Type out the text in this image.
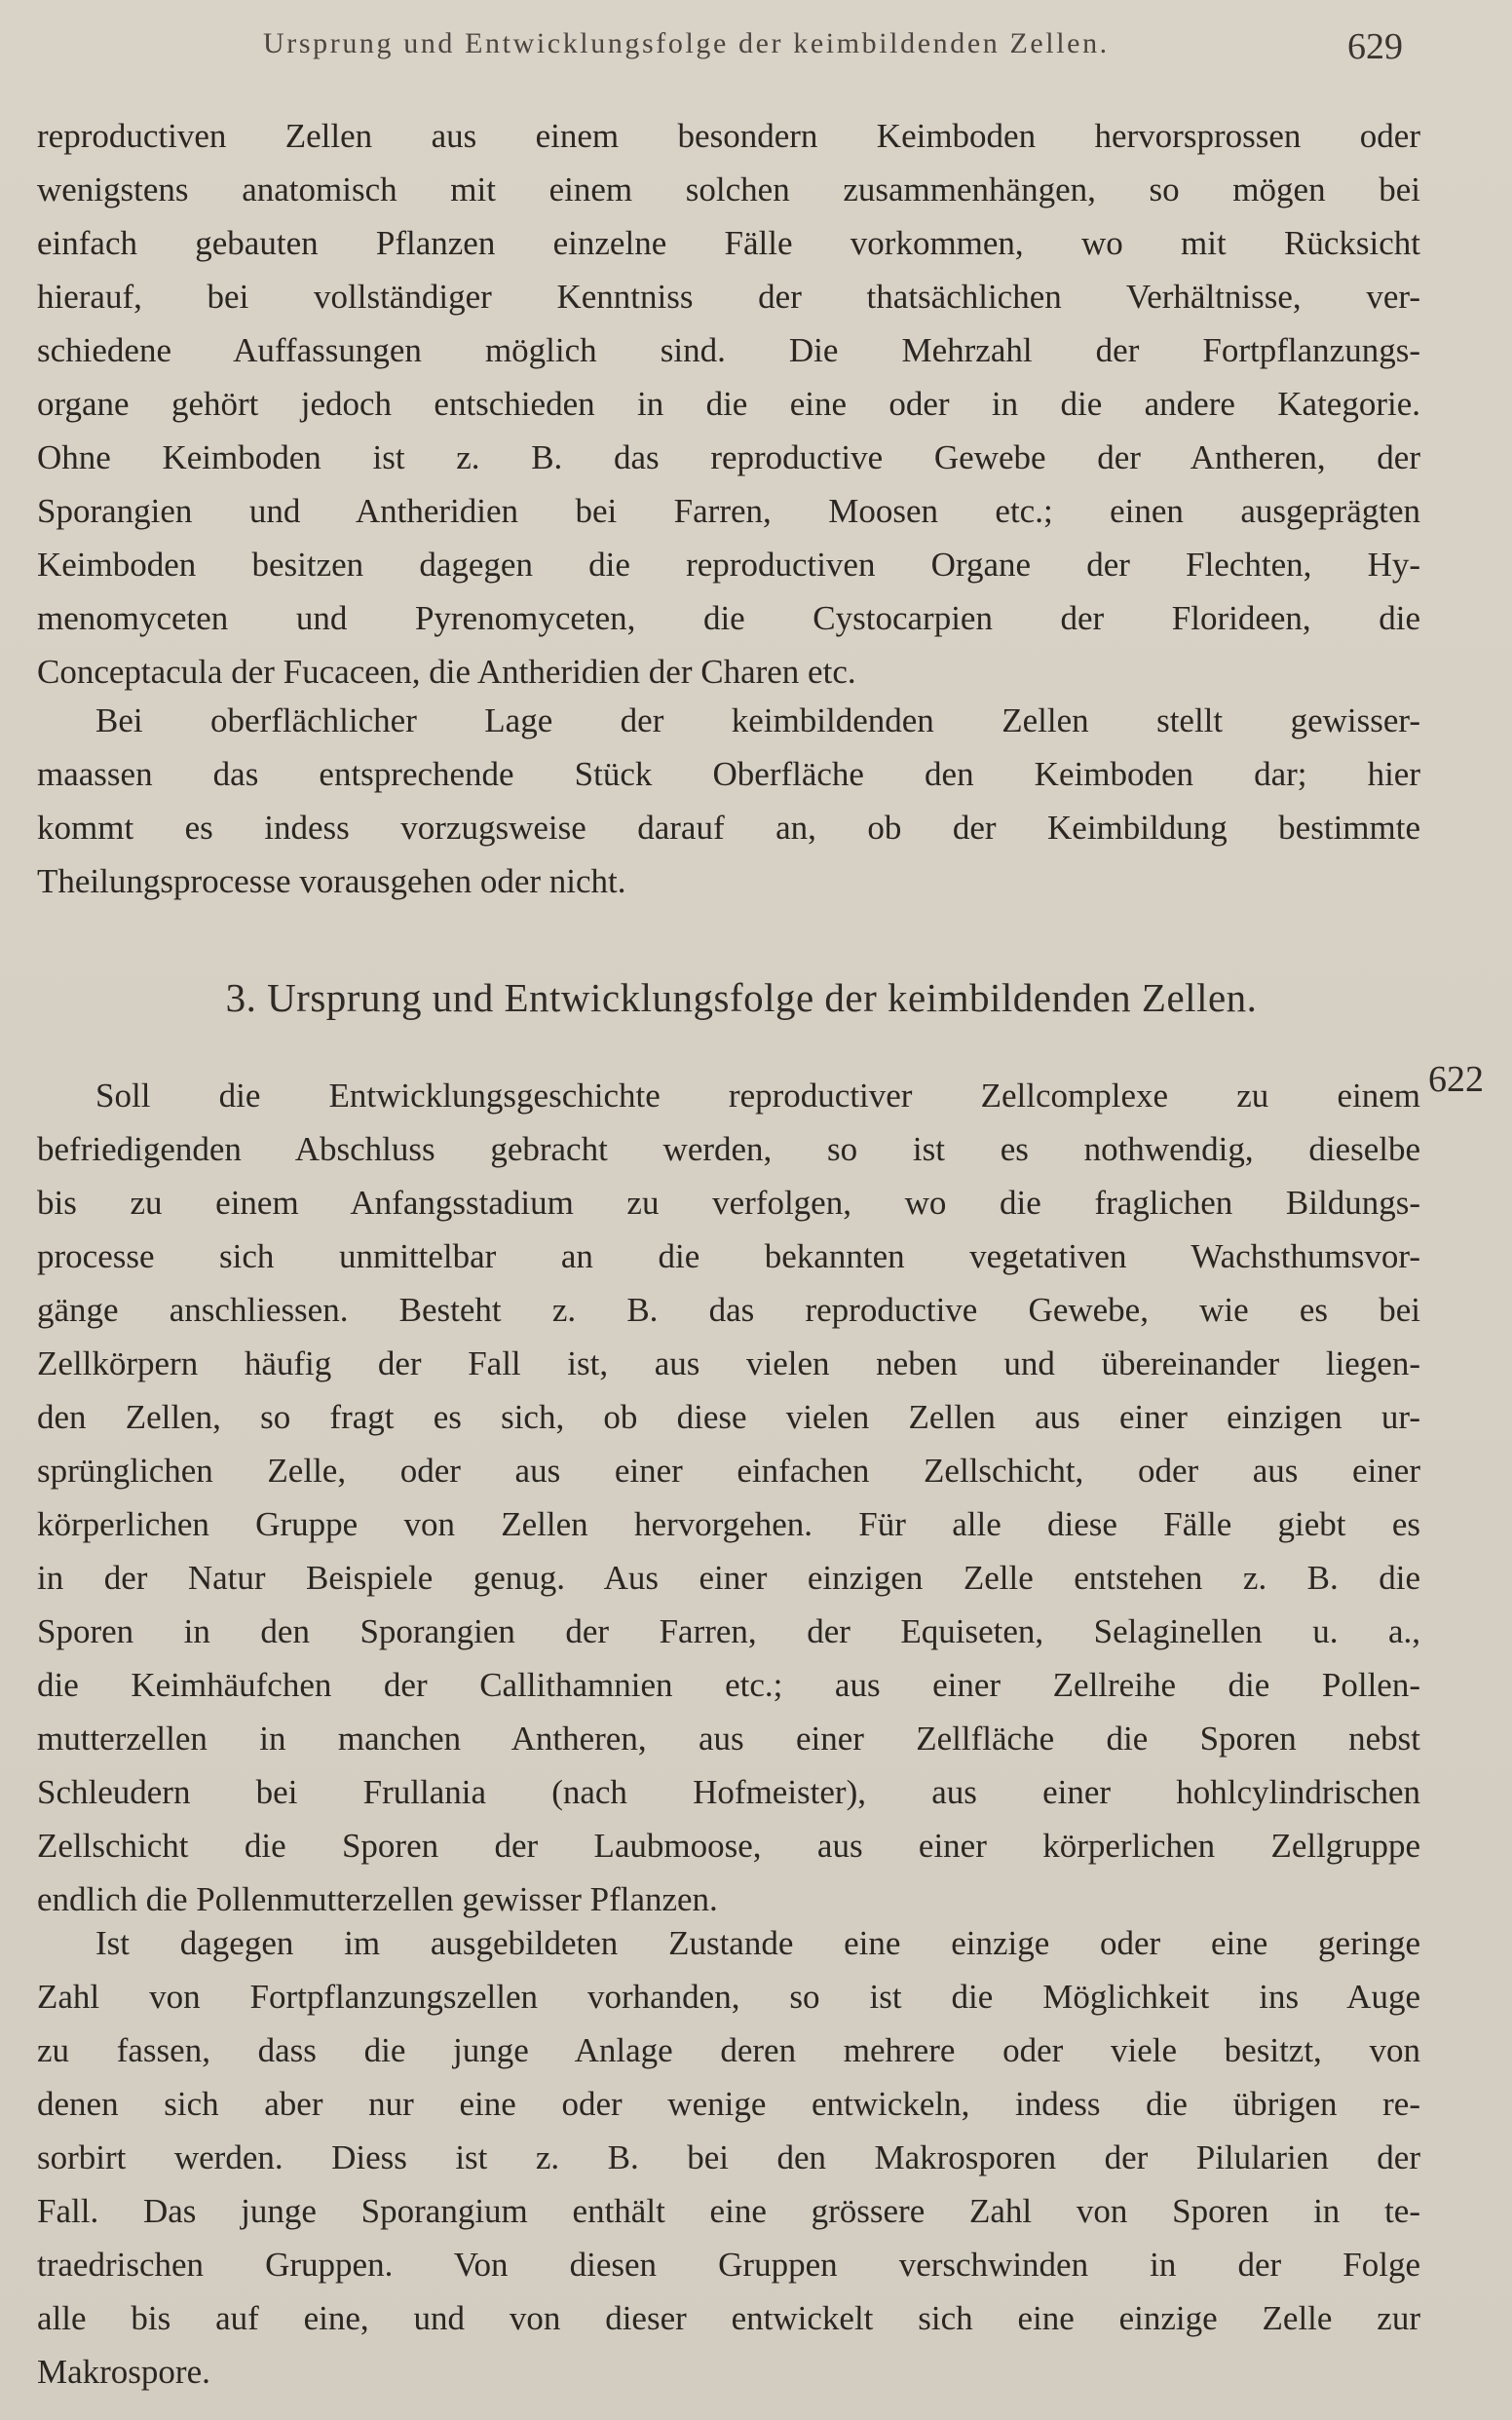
Ursprung und Entwicklungsfolge der keimbildenden Zellen.	629
reproductiven Zellen aus einem besondern Keimboden hervorsprossen oder
wenigstens anatomisch mit einem solchen zusammenhängen, so mögen bei
einfach gebauten Pflanzen einzelne Fälle vorkommen, wo mit Rücksicht
hierauf, bei vollständiger Kenntniss der thatsächlichen Verhältnisse, ver-
schiedene Auffassungen möglich sind. Die Mehrzahl der Fortpflanzungs-
organe gehört jedoch entschieden in die eine oder in die andere Kategorie.
Ohne Keimboden ist z. B. das reproductive Gewebe der Antheren, der
Sporangien und Antheridien bei Farren, Moosen etc.; einen ausgeprägten
Keimboden besitzen dagegen die reproductiven Organe der Flechten, Hy-
menomyceten und Pyrenomyceten, die Cystocarpien der Florideen, die
Conceptacula der Fucaceen, die Antheridien der Charen etc.
Bei oberflächlicher Lage der keimbildenden Zellen stellt gewisser-
maassen das entsprechende Stück Oberfläche den Keimboden dar; hier
kommt es indess vorzugsweise darauf an, ob der Keimbildung bestimmte
Theilungsprocesse vorausgehen oder nicht.
3. Ursprung und Entwicklungsfolge der keimbildenden Zellen.
622
Soll die Entwicklungsgeschichte reproductiver Zellcomplexe zu einem
befriedigenden Abschluss gebracht werden, so ist es nothwendig, dieselbe
bis zu einem Anfangsstadium zu verfolgen, wo die fraglichen Bildungs-
processe sich unmittelbar an die bekannten vegetativen Wachsthumsvor-
gänge anschliessen. Besteht z. B. das reproductive Gewebe, wie es bei
Zellkörpern häufig der Fall ist, aus vielen neben und übereinander liegen-
den Zellen, so fragt es sich, ob diese vielen Zellen aus einer einzigen ur-
sprünglichen Zelle, oder aus einer einfachen Zellschicht, oder aus einer
körperlichen Gruppe von Zellen hervorgehen. Für alle diese Fälle giebt es
in der Natur Beispiele genug. Aus einer einzigen Zelle entstehen z. B. die
Sporen in den Sporangien der Farren, der Equiseten, Selaginellen u. a.,
die Keimhäufchen der Callithamnien etc.; aus einer Zellreihe die Pollen-
mutterzellen in manchen Antheren, aus einer Zellfläche die Sporen nebst
Schleudern bei Frullania (nach Hofmeister), aus einer hohlcylindrischen
Zellschicht die Sporen der Laubmoose, aus einer körperlichen Zellgruppe
endlich die Pollenmutterzellen gewisser Pflanzen.
Ist dagegen im ausgebildeten Zustande eine einzige oder eine geringe
Zahl von Fortpflanzungszellen vorhanden, so ist die Möglichkeit ins Auge
zu fassen, dass die junge Anlage deren mehrere oder viele besitzt, von
denen sich aber nur eine oder wenige entwickeln, indess die übrigen re-
sorbirt werden. Diess ist z. B. bei den Makrosporen der Pilularien der
Fall. Das junge Sporangium enthält eine grössere Zahl von Sporen in te-
traedrischen Gruppen. Von diesen Gruppen verschwinden in der Folge
alle bis auf eine, und von dieser entwickelt sich eine einzige Zelle zur
Makrospore.
